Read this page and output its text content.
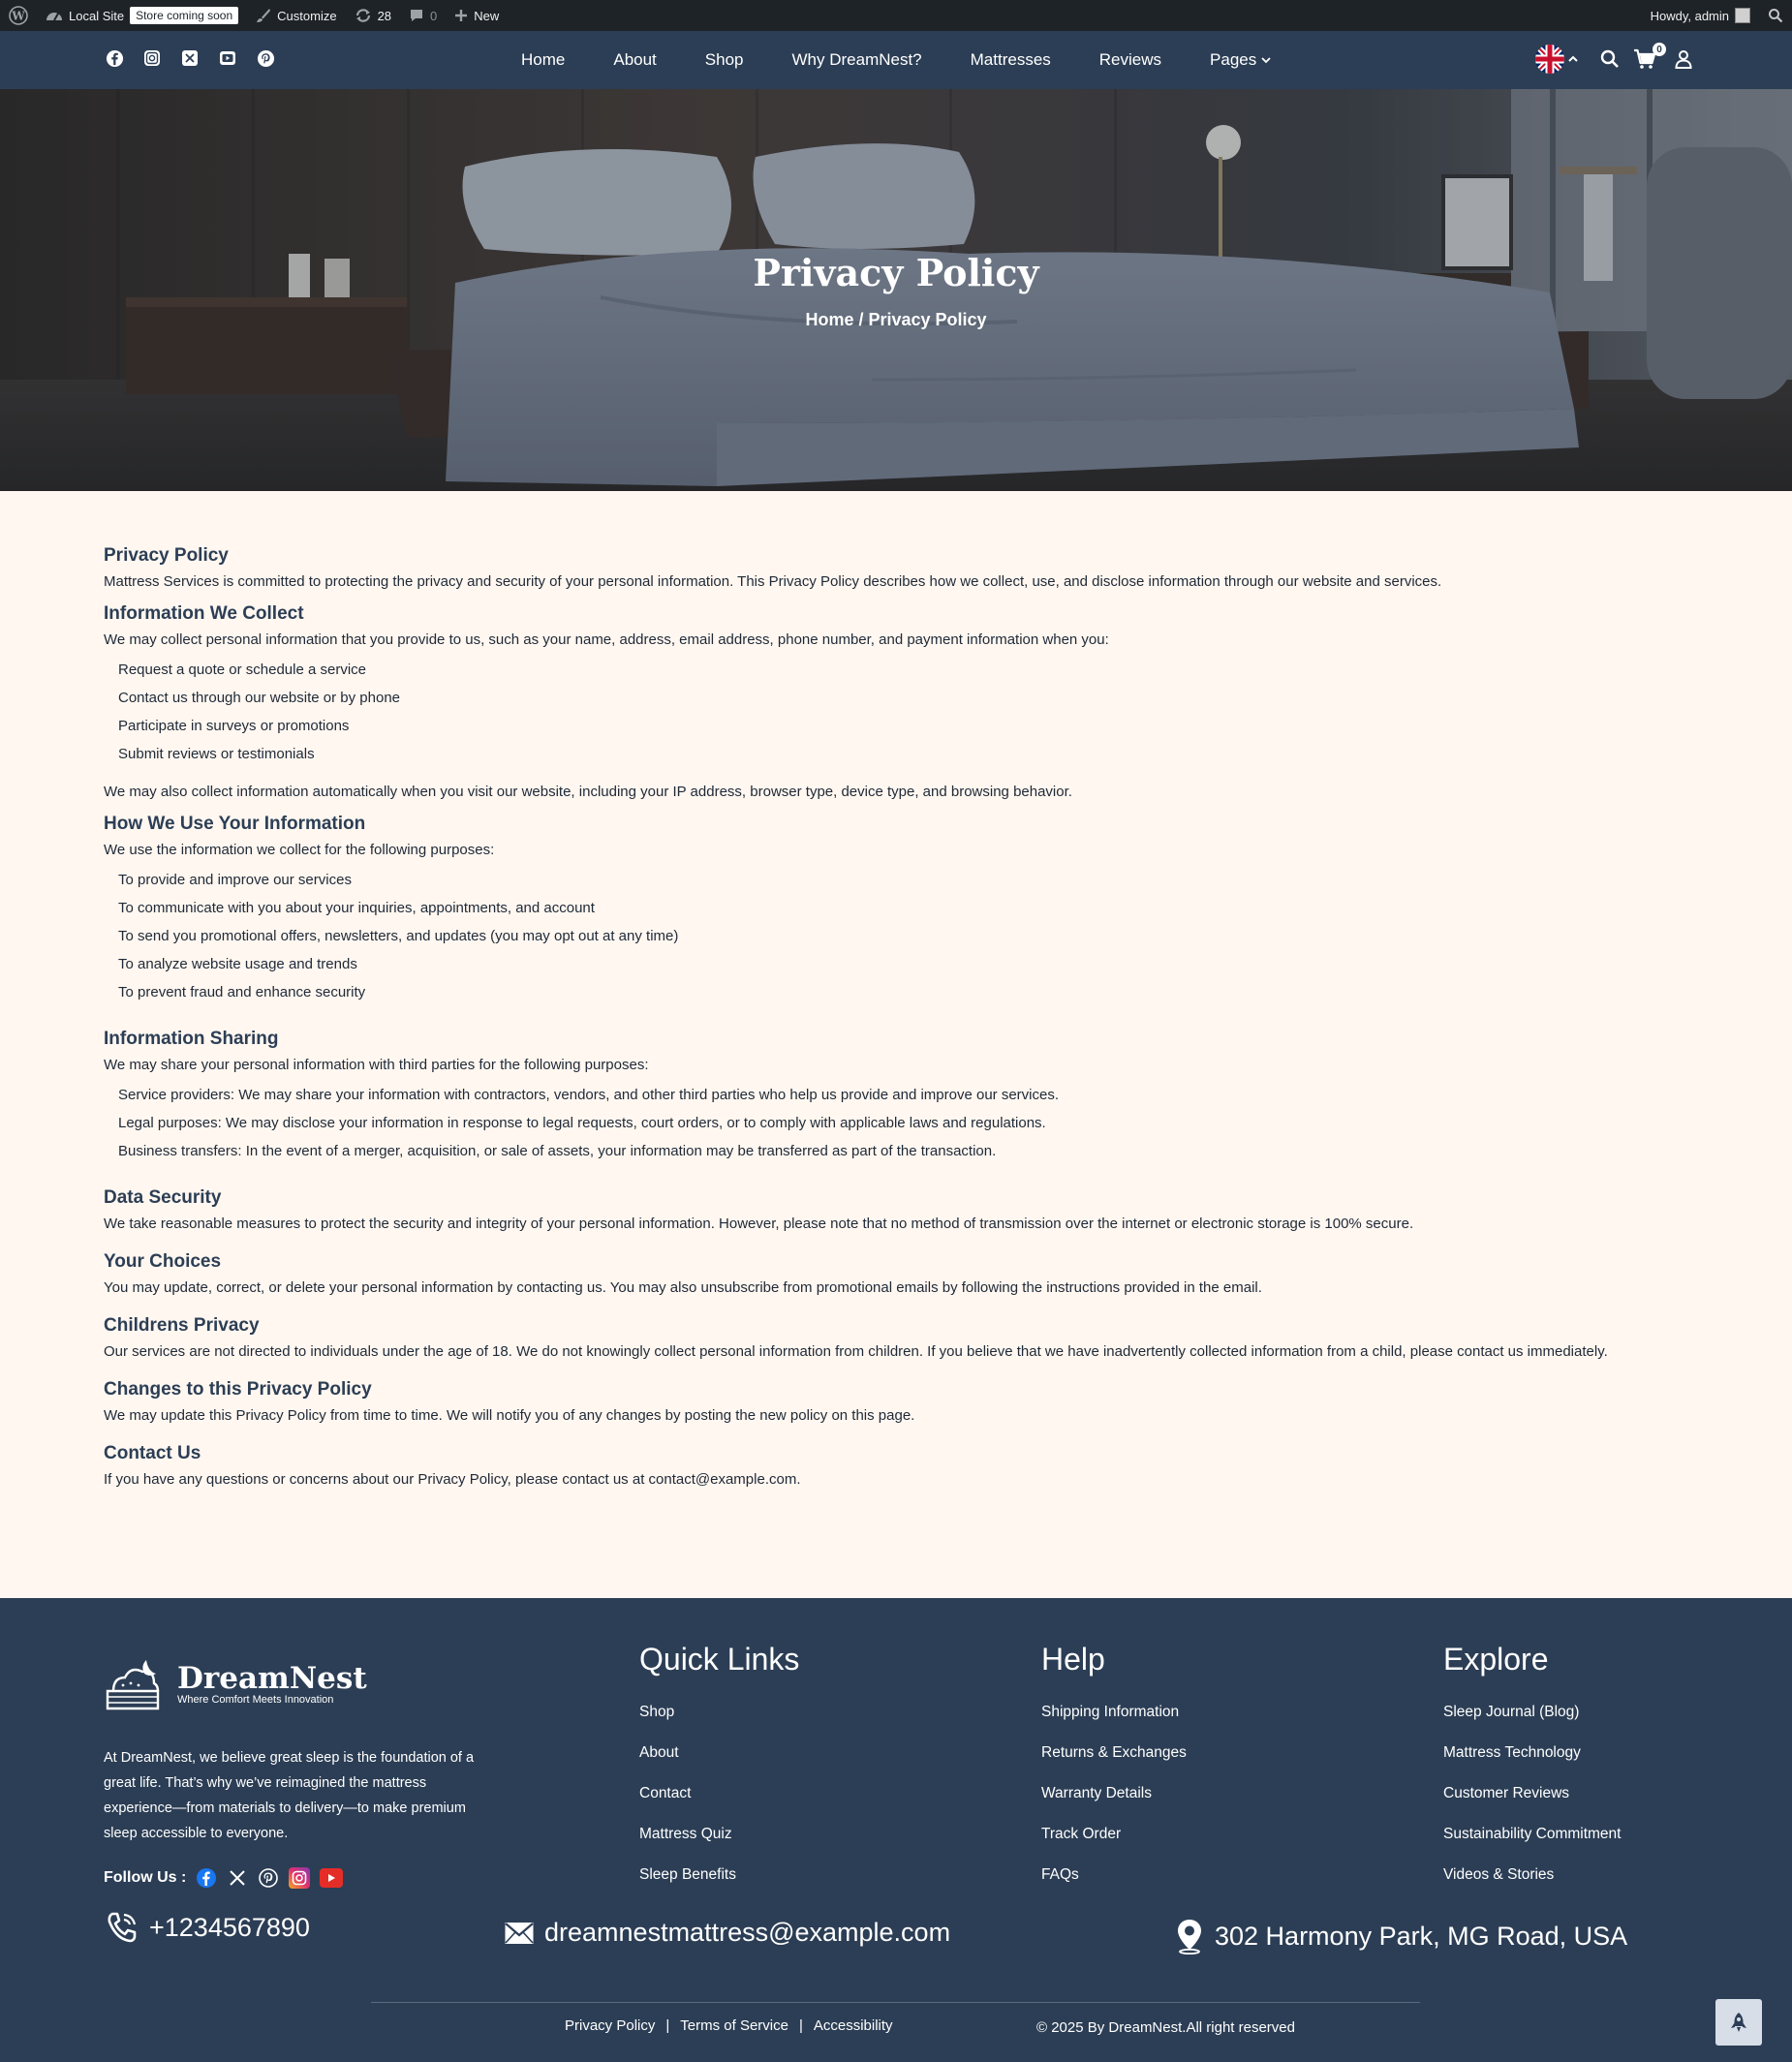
W	Local Site	Store coming soon	Customize	28	0	New	Howdy, admin
Home	About	Shop	Why DreamNest?	Mattresses	Reviews	Pages
0
Privacy Policy
Home / Privacy Policy
Privacy Policy

Mattress Services is committed to protecting the privacy and security of your personal information. This Privacy Policy describes how we collect, use, and disclose information through our website and services.

Information We Collect

We may collect personal information that you provide to us, such as your name, address, email address, phone number, and payment information when you:

Request a quote or schedule a service
Contact us through our website or by phone
Participate in surveys or promotions
Submit reviews or testimonials

We may also collect information automatically when you visit our website, including your IP address, browser type, device type, and browsing behavior.

How We Use Your Information

We use the information we collect for the following purposes:

To provide and improve our services
To communicate with you about your inquiries, appointments, and account
To send you promotional offers, newsletters, and updates (you may opt out at any time)
To analyze website usage and trends
To prevent fraud and enhance security
Information Sharing

We may share your personal information with third parties for the following purposes:

Service providers: We may share your information with contractors, vendors, and other third parties who help us provide and improve our services.
Legal purposes: We may disclose your information in response to legal requests, court orders, or to comply with applicable laws and regulations.
Business transfers: In the event of a merger, acquisition, or sale of assets, your information may be transferred as part of the transaction.
Data Security

We take reasonable measures to protect the security and integrity of your personal information. However, please note that no method of transmission over the internet or electronic storage is 100% secure.

Your Choices

You may update, correct, or delete your personal information by contacting us. You may also unsubscribe from promotional emails by following the instructions provided in the email.

Childrens Privacy

Our services are not directed to individuals under the age of 18. We do not knowingly collect personal information from children. If you believe that we have inadvertently collected information from a child, please contact us immediately.

Changes to this Privacy Policy

We may update this Privacy Policy from time to time. We will notify you of any changes by posting the new policy on this page.

Contact Us

If you have any questions or concerns about our Privacy Policy, please contact us at contact@example.com.

DreamNest
Where Comfort Meets Innovation
At DreamNest, we believe great sleep is the foundation of a great life. That’s why we’ve reimagined the mattress experience—from materials to delivery—to make premium sleep accessible to everyone.
Follow Us :
Quick Links
Shop
About
Contact
Mattress Quiz
Sleep Benefits
Help
Shipping Information
Returns & Exchanges
Warranty Details
Track Order
FAQs
Explore
Sleep Journal (Blog)
Mattress Technology
Customer Reviews
Sustainability Commitment
Videos & Stories
+1234567890	dreamnestmattress@example.com	302 Harmony Park, MG Road, USA
Privacy Policy | Terms of Service | Accessibility	© 2025 By DreamNest.All right reserved
